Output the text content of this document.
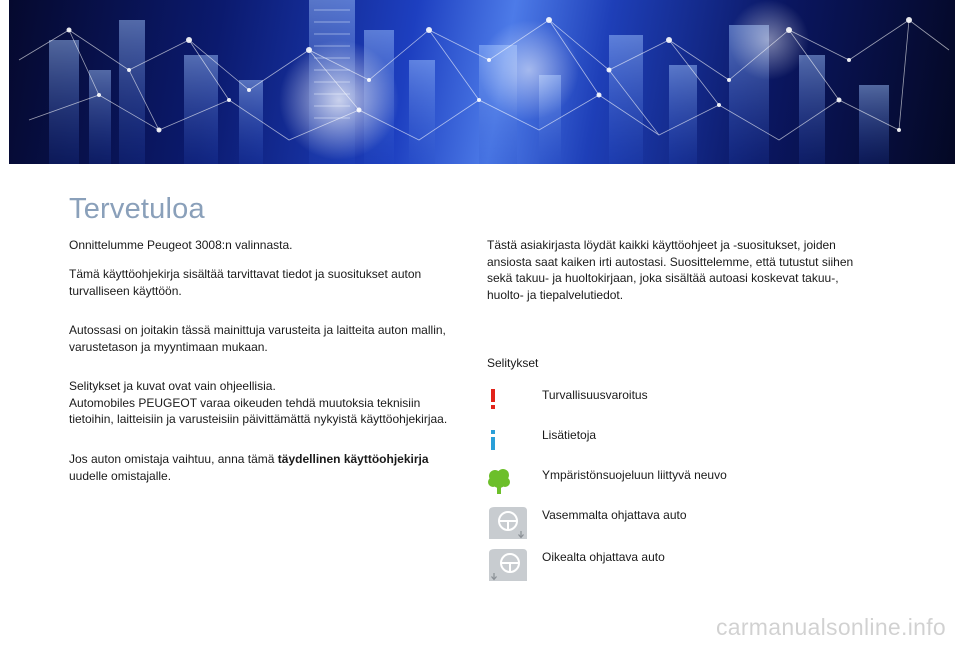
Tervetuloa

Onnittelumme Peugeot 3008:n valinnasta.

Tämä käyttöohjekirja sisältää tarvittavat tiedot ja suositukset auton turvalliseen käyttöön.

Autossasi on joitakin tässä mainittuja varusteita ja laitteita auton mallin, varustetason ja myyntimaan mukaan.

Selitykset ja kuvat ovat vain ohjeellisia.
Automobiles PEUGEOT varaa oikeuden tehdä muutoksia teknisiin tietoihin, laitteisiin ja varusteisiin päivittämättä nykyistä käyttöohjekirjaa.

Jos auton omistaja vaihtuu, anna tämä täydellinen käyttöohjekirja
uudelle omistajalle.

Tästä asiakirjasta löydät kaikki käyttöohjeet ja -suositukset, joiden ansiosta saat kaiken irti autostasi. Suosittelemme, että tutustut siihen sekä takuu- ja huoltokirjaan, joka sisältää autoasi koskevat takuu-, huolto- ja tiepalvelutiedot.

Selitykset

Turvallisuusvaroitus

Lisätietoja

Ympäristönsuojeluun liittyvä neuvo

Vasemmalta ohjattava auto

Oikealta ohjattava auto

carmanualsonline.info
